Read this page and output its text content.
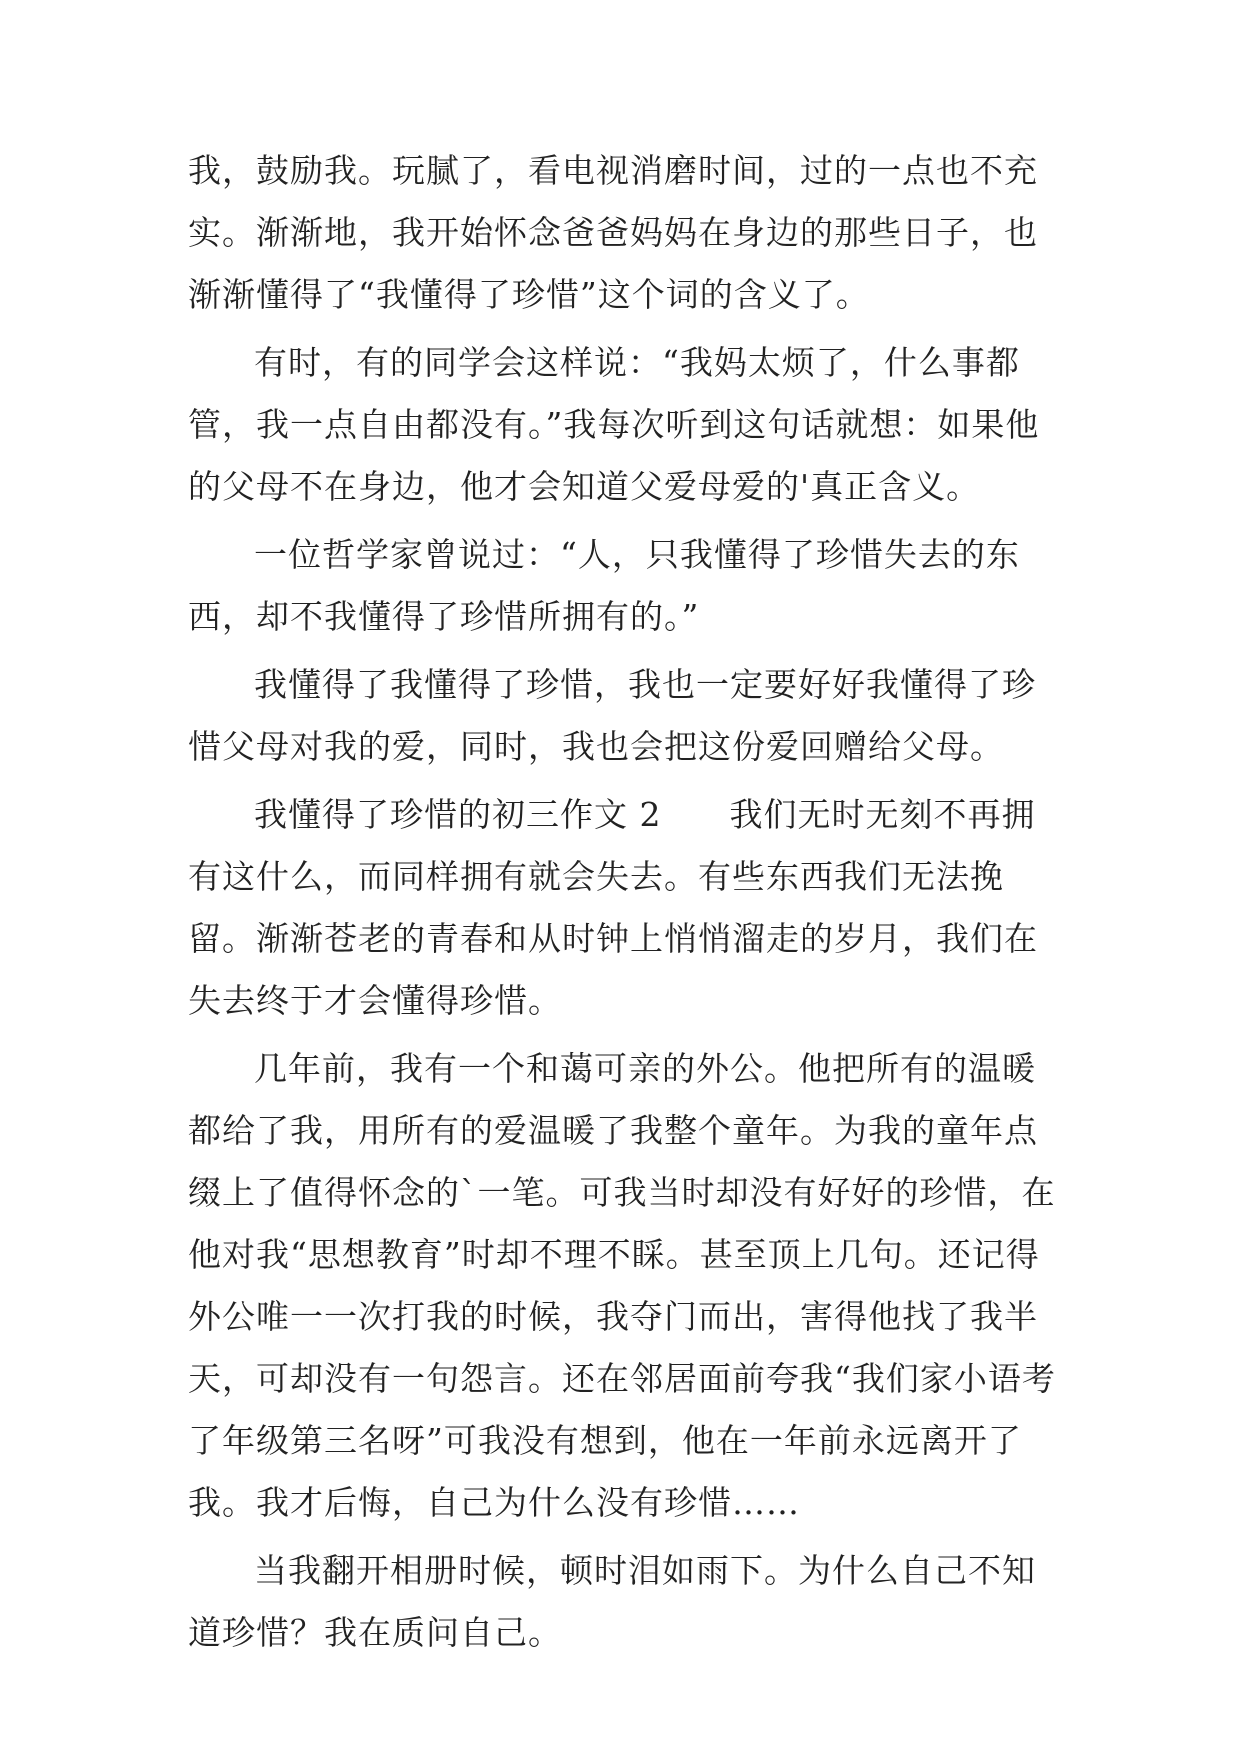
我，鼓励我。玩腻了，看电视消磨时间，过的一点也不充实。渐渐地，我开始怀念爸爸妈妈在身边的那些日子，也渐渐懂得了“我懂得了珍惜”这个词的含义了。

有时，有的同学会这样说：“我妈太烦了，什么事都管，我一点自由都没有。”我每次听到这句话就想：如果他的父母不在身边，他才会知道父爱母爱的'真正含义。

一位哲学家曾说过：“人，只我懂得了珍惜失去的东西，却不我懂得了珍惜所拥有的。”

我懂得了我懂得了珍惜，我也一定要好好我懂得了珍惜父母对我的爱，同时，我也会把这份爱回赠给父母。

我懂得了珍惜的初三作文 2　　我们无时无刻不再拥有这什么，而同样拥有就会失去。有些东西我们无法挽留。渐渐苍老的青春和从时钟上悄悄溜走的岁月，我们在失去终于才会懂得珍惜。

几年前，我有一个和蔼可亲的外公。他把所有的温暖都给了我，用所有的爱温暖了我整个童年。为我的童年点缀上了值得怀念的`一笔。可我当时却没有好好的珍惜，在他对我“思想教育”时却不理不睬。甚至顶上几句。还记得外公唯一一次打我的时候，我夺门而出，害得他找了我半天，可却没有一句怨言。还在邻居面前夸我“我们家小语考了年级第三名呀”可我没有想到，他在一年前永远离开了我。我才后悔，自己为什么没有珍惜……

当我翻开相册时候，顿时泪如雨下。为什么自己不知道珍惜？我在质问自己。
